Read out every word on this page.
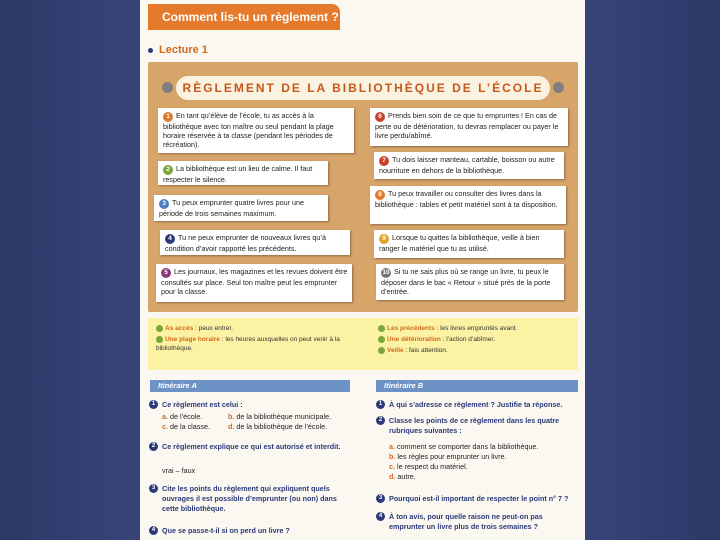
Comment lis-tu un règlement ?
Lecture 1
RÈGLEMENT DE LA BIBLIOTHÈQUE DE L’ÉCOLE
1 En tant qu’élève de l’école, tu as accès à la bibliothèque avec ton maître ou seul pendant la plage horaire réservée à ta classe (pendant les périodes de récréation).
2 La bibliothèque est un lieu de calme. Il faut respecter le silence.
3 Tu peux emprunter quatre livres pour une période de trois semaines maximum.
4 Tu ne peux emprunter de nouveaux livres qu’à condition d’avoir rapporté les précédents.
5 Les journaux, les magazines et les revues doivent être consultés sur place. Seul ton maître peut les emprunter pour la classe.
6 Prends bien soin de ce que tu empruntes ! En cas de perte ou de détérioration, tu devras remplacer ou payer le livre perdu/abîmé.
7 Tu dois laisser manteau, cartable, boisson ou autre nourriture en dehors de la bibliothèque.
8 Tu peux travailler ou consulter des livres dans la bibliothèque : tables et petit matériel sont à ta disposition.
9 Lorsque tu quittes la bibliothèque, veille à bien ranger le matériel que tu as utilisé.
10 Si tu ne sais plus où se range un livre, tu peux le déposer dans le bac « Retour » situé près de la porte d’entrée.
As accès : peux entrer.
Une plage horaire : les heures auxquelles on peut venir à la bibliothèque.
Les précédents : les livres empruntés avant.
Une détérioration : l’action d’abîmer.
Veille : fais attention.
Itinéraire A
1 Ce règlement est celui :
a. de l’école.	b. de la bibliothèque municipale.
c. de la classe.	d. de la bibliothèque de l’école.
2 Ce règlement explique ce qui est autorisé et interdit.
vrai – faux
3 Cite les points du règlement qui expliquent quels ouvrages il est possible d’emprunter (ou non) dans cette bibliothèque.
4 Que se passe-t-il si on perd un livre ?
Itinéraire B
1 À qui s’adresse ce règlement ? Justifie ta réponse.
2 Classe les points de ce règlement dans les quatre rubriques suivantes :
a. comment se comporter dans la bibliothèque.
b. les règles pour emprunter un livre.
c. le respect du matériel.
d. autre.
3 Pourquoi est-il important de respecter le point n° 7 ?
4 À ton avis, pour quelle raison ne peut-on pas emprunter un livre plus de trois semaines ?
